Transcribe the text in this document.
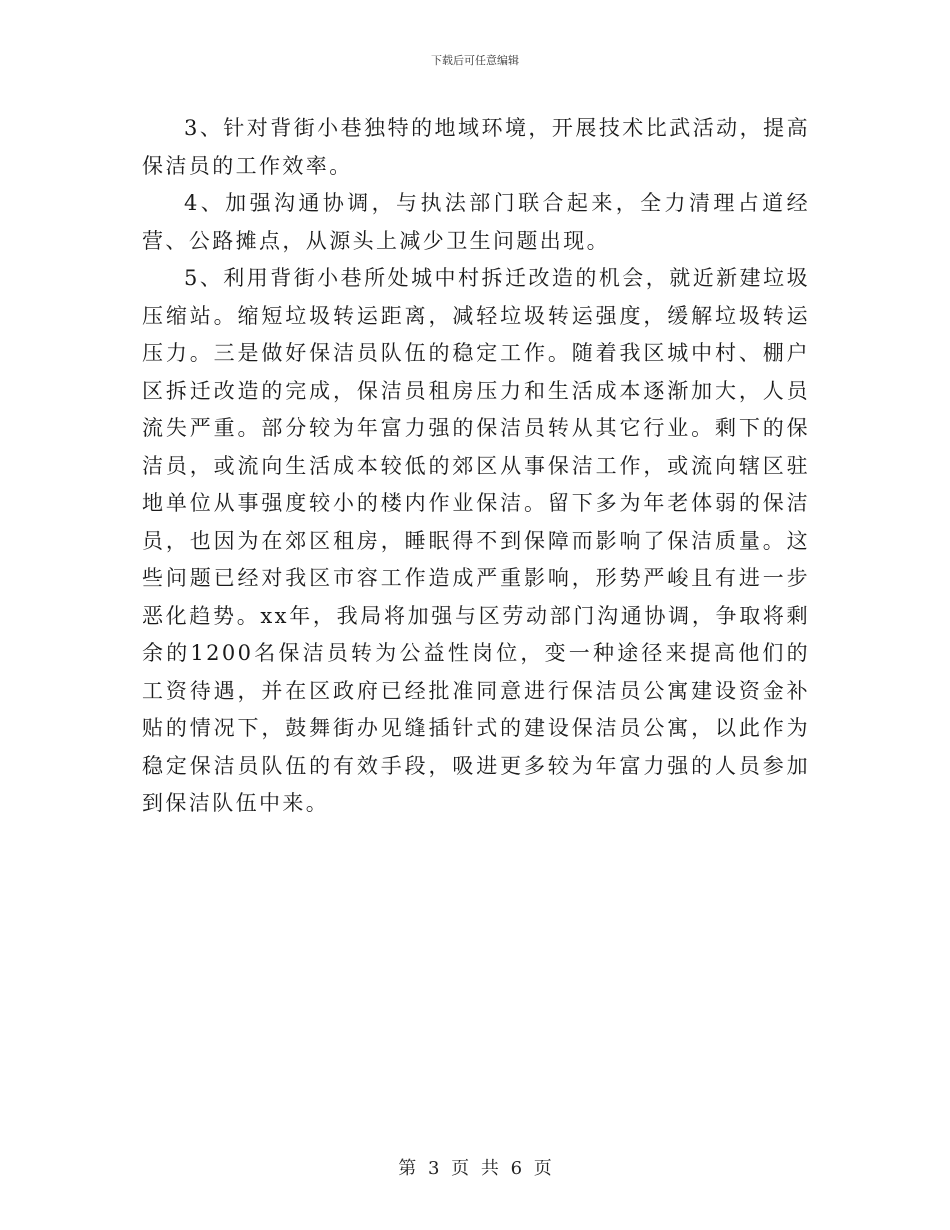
下载后可任意编辑

3、针对背街小巷独特的地域环境，开展技术比武活动，提高保洁员的工作效率。

4、加强沟通协调，与执法部门联合起来，全力清理占道经营、公路摊点，从源头上减少卫生问题出现。

5、利用背街小巷所处城中村拆迁改造的机会，就近新建垃圾压缩站。缩短垃圾转运距离，减轻垃圾转运强度，缓解垃圾转运压力。三是做好保洁员队伍的稳定工作。随着我区城中村、棚户区拆迁改造的完成，保洁员租房压力和生活成本逐渐加大，人员流失严重。部分较为年富力强的保洁员转从其它行业。剩下的保洁员，或流向生活成本较低的郊区从事保洁工作，或流向辖区驻地单位从事强度较小的楼内作业保洁。留下多为年老体弱的保洁员，也因为在郊区租房，睡眠得不到保障而影响了保洁质量。这些问题已经对我区市容工作造成严重影响，形势严峻且有进一步恶化趋势。xx年，我局将加强与区劳动部门沟通协调，争取将剩余的1200名保洁员转为公益性岗位，变一种途径来提高他们的工资待遇，并在区政府已经批准同意进行保洁员公寓建设资金补贴的情况下，鼓舞街办见缝插针式的建设保洁员公寓，以此作为稳定保洁员队伍的有效手段，吸进更多较为年富力强的人员参加到保洁队伍中来。

第 3 页 共 6 页
